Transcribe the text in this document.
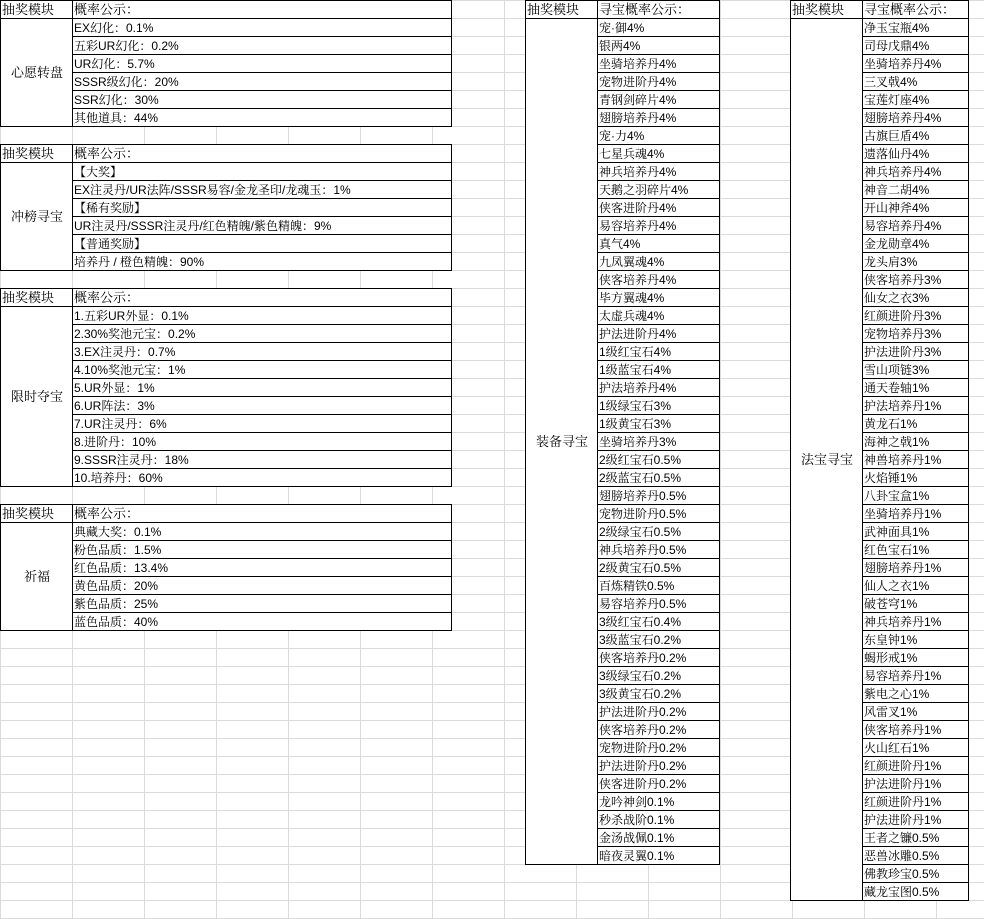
抽奖模块	概率公示：
心愿转盘	EX幻化：0.1%
	五彩UR幻化：0.2%
	UR幻化：5.7%
	SSSR级幻化：20%
	SSR幻化：30%
	其他道具：44%
抽奖模块	概率公示：
冲榜寻宝	【大奖】
	EX注灵丹/UR法阵/SSSR易容/金龙圣印/龙魂玉：1%
	【稀有奖励】
	UR注灵丹/SSSR注灵丹/红色精魄/紫色精魄：9%
	【普通奖励】
	培养丹 / 橙色精魄：90%
抽奖模块	概率公示：
限时夺宝	1.五彩UR外显：0.1%
	2.30%奖池元宝：0.2%
	3.EX注灵丹：0.7%
	4.10%奖池元宝：1%
	5.UR外显：1%
	6.UR阵法：3%
	7.UR注灵丹：6%
	8.进阶丹：10%
	9.SSSR注灵丹：18%
	10.培养丹：60%
抽奖模块	概率公示：
祈福	典藏大奖：0.1%
	粉色品质：1.5%
	红色品质：13.4%
	黄色品质：20%
	紫色品质：25%
	蓝色品质：40%
抽奖模块	寻宝概率公示：
装备寻宝	宠·御4%
	银两4%
	坐骑培养丹4%
	宠物进阶丹4%
	青钢剑碎片4%
	翅膀培养丹4%
	宠·力4%
	七星兵魂4%
	神兵培养丹4%
	天鹅之羽碎片4%
	侠客进阶丹4%
	易容培养丹4%
	真气4%
	九凤翼魂4%
	侠客培养丹4%
	毕方翼魂4%
	太虚兵魂4%
	护法进阶丹4%
	1级红宝石4%
	1级蓝宝石4%
	护法培养丹4%
	1级绿宝石3%
	1级黄宝石3%
	坐骑培养丹3%
	2级红宝石0.5%
	2级蓝宝石0.5%
	翅膀培养丹0.5%
	宠物进阶丹0.5%
	2级绿宝石0.5%
	神兵培养丹0.5%
	2级黄宝石0.5%
	百炼精铁0.5%
	易容培养丹0.5%
	3级红宝石0.4%
	3级蓝宝石0.2%
	侠客培养丹0.2%
	3级绿宝石0.2%
	3级黄宝石0.2%
	护法进阶丹0.2%
	侠客培养丹0.2%
	宠物进阶丹0.2%
	护法进阶丹0.2%
	侠客进阶丹0.2%
	龙吟神剑0.1%
	秒杀战阶0.1%
	金汤战佩0.1%
	暗夜灵翼0.1%
抽奖模块	寻宝概率公示：
法宝寻宝	净玉宝瓶4%
	司母戊鼎4%
	坐骑培养丹4%
	三叉戟4%
	宝莲灯座4%
	翅膀培养丹4%
	古旗巨盾4%
	遗落仙丹4%
	神兵培养丹4%
	神音二胡4%
	开山神斧4%
	易容培养丹4%
	金龙勋章4%
	龙头肩3%
	侠客培养丹3%
	仙女之衣3%
	红颜进阶丹3%
	宠物培养丹3%
	护法进阶丹3%
	雪山项链3%
	通天卷轴1%
	护法培养丹1%
	黄龙石1%
	海神之戟1%
	神兽培养丹1%
	火焰锤1%
	八卦宝盒1%
	坐骑培养丹1%
	武神面具1%
	红色宝石1%
	翅膀培养丹1%
	仙人之衣1%
	破苍穹1%
	神兵培养丹1%
	东皇钟1%
	蝎形戒1%
	易容培养丹1%
	紫电之心1%
	风雷叉1%
	侠客培养丹1%
	火山红石1%
	红颜进阶丹1%
	护法进阶丹1%
	红颜进阶丹1%
	护法进阶丹1%
	王者之镰0.5%
	恶兽冰雕0.5%
	佛教珍宝0.5%
	藏龙宝图0.5%
